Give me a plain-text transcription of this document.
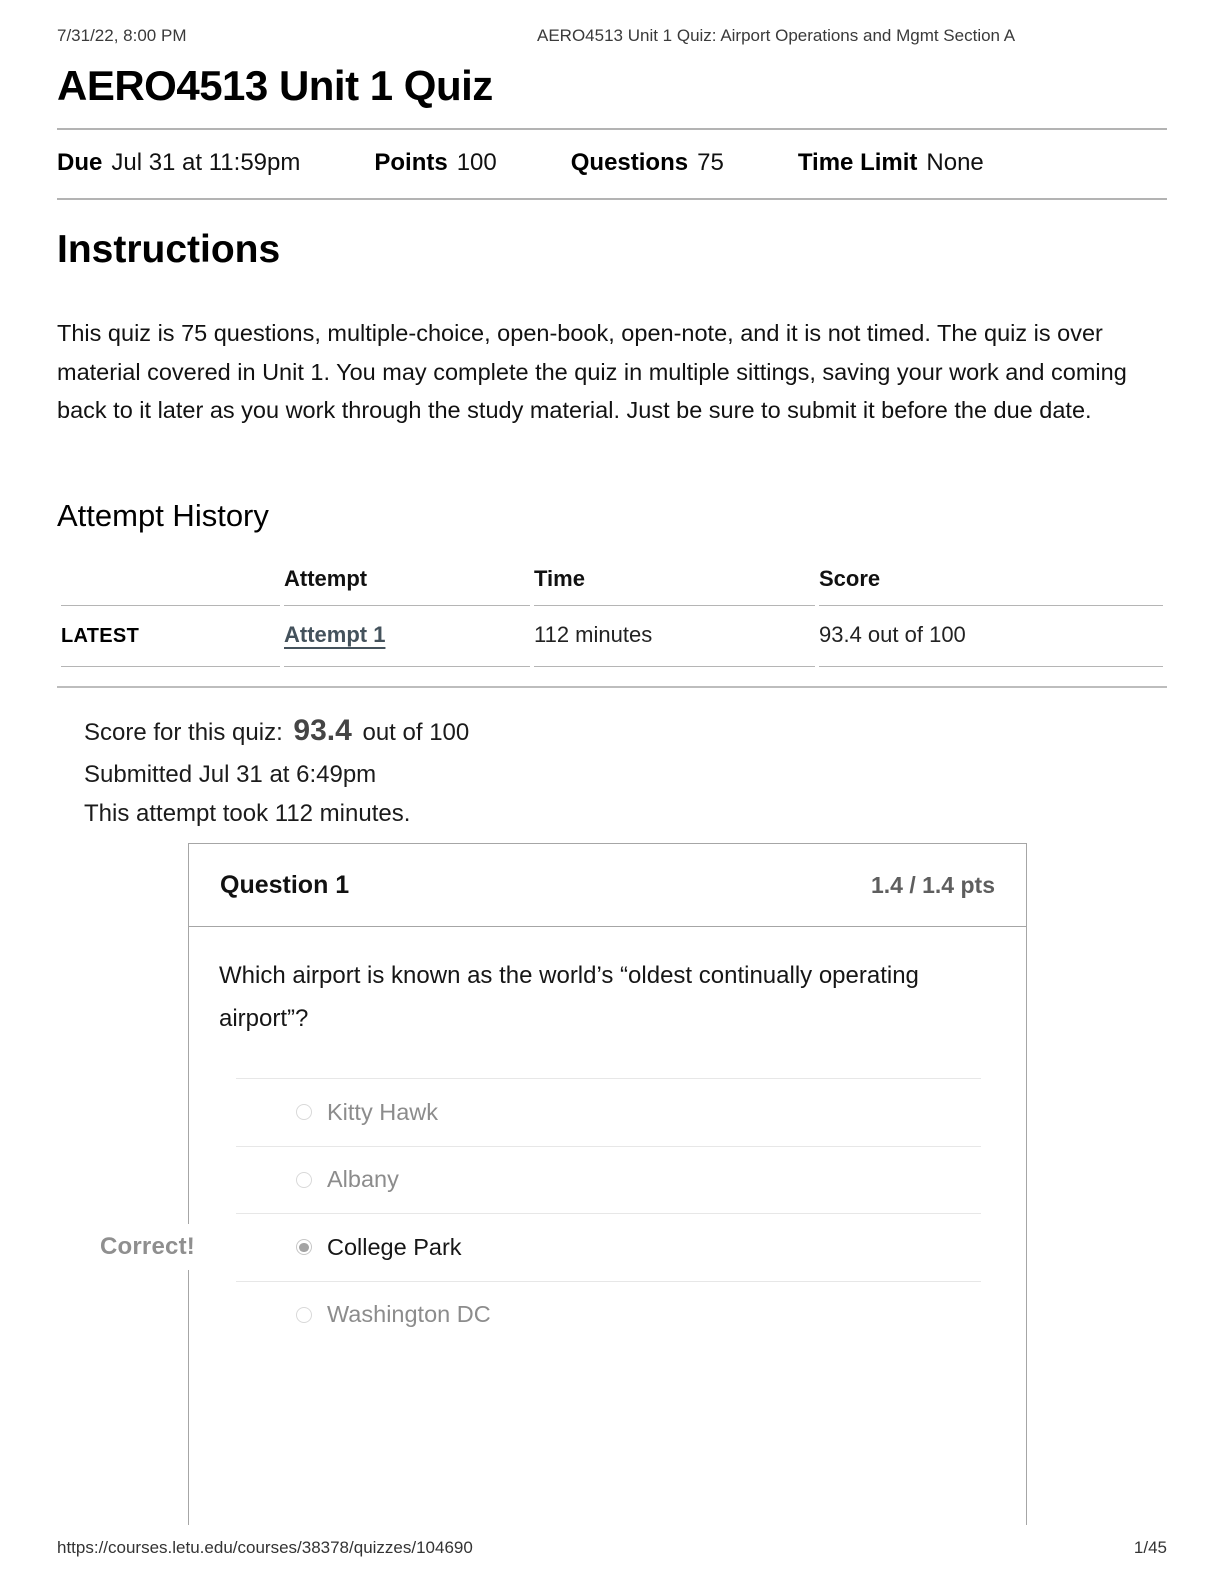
7/31/22, 8:00 PM	AERO4513 Unit 1 Quiz: Airport Operations and Mgmt Section A
AERO4513 Unit 1 Quiz
Due Jul 31 at 11:59pm	Points 100	Questions 75	Time Limit None
Instructions

This quiz is 75 questions, multiple-choice, open-book, open-note, and it is not timed. The quiz is over material covered in Unit 1. You may complete the quiz in multiple sittings, saving your work and coming back to it later as you work through the study material. Just be sure to submit it before the due date.

Attempt History
	Attempt	Time	Score
LATEST	Attempt 1	112 minutes	93.4 out of 100
Score for this quiz: 93.4 out of 100
Submitted Jul 31 at 6:49pm
This attempt took 112 minutes.
Question 1	1.4 / 1.4 pts
Which airport is known as the world’s “oldest continually operating airport”?
Kitty Hawk
Albany
Correct!	College Park
Washington DC
https://courses.letu.edu/courses/38378/quizzes/104690	1/45
